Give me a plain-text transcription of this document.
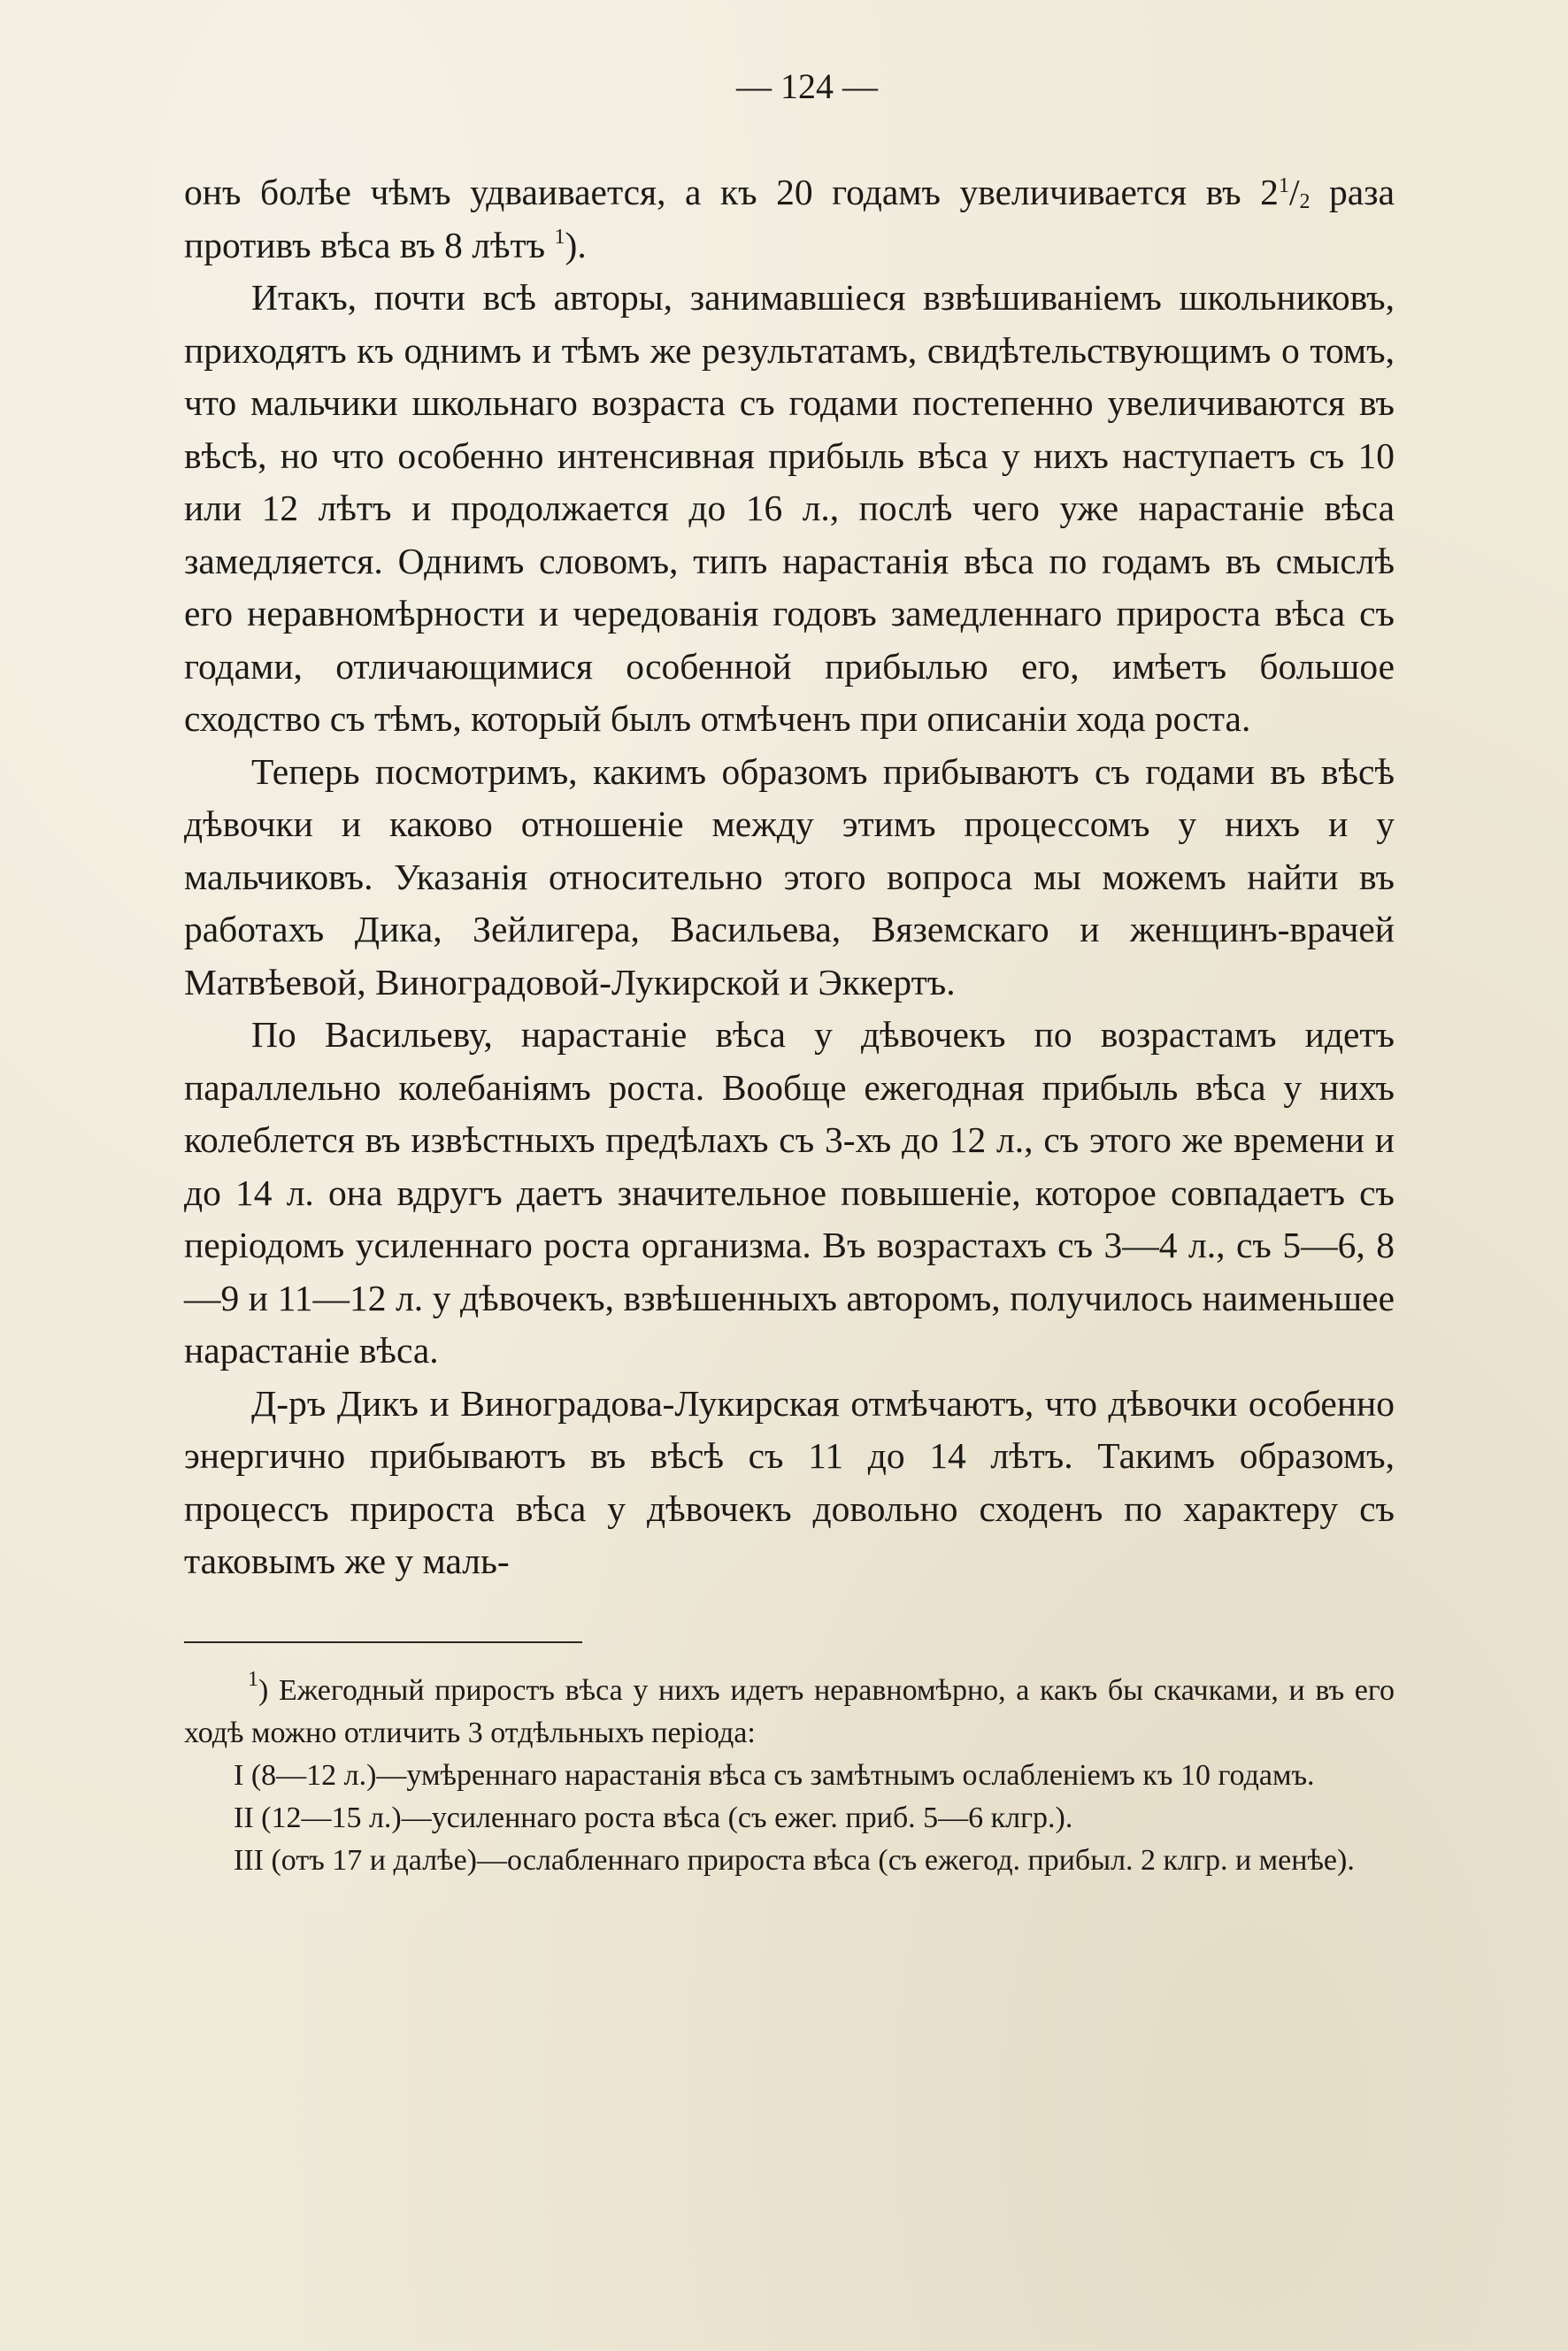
— 124 —

онъ болѣе чѣмъ удваивается, а къ 20 годамъ увеличивается въ $2^1/_2$ раза противъ вѣса въ 8 лѣтъ $^1$).

Итакъ, почти всѣ авторы, занимавшіеся взвѣшиваніемъ школьниковъ, приходятъ къ однимъ и тѣмъ же результатамъ, свидѣтельствующимъ о томъ, что мальчики школьнаго возраста съ годами постепенно увеличиваются въ вѣсѣ, но что особенно интенсивная прибыль вѣса у нихъ наступаетъ съ 10 или 12 лѣтъ и продолжается до 16 л., послѣ чего уже нарастаніе вѣса замедляется. Однимъ словомъ, типъ нарастанія вѣса по годамъ въ смыслѣ его неравномѣрности и чередованія годовъ замедленнаго прироста вѣса съ годами, отличающимися особенной прибылью его, имѣетъ большое сходство съ тѣмъ, который былъ отмѣченъ при описаніи хода роста.

Теперь посмотримъ, какимъ образомъ прибываютъ съ годами въ вѣсѣ дѣвочки и каково отношеніе между этимъ процессомъ у нихъ и у мальчиковъ. Указанія относительно этого вопроса мы можемъ найти въ работахъ Дика, Зейлигера, Васильева, Вяземскаго и женщинъ-врачей Матвѣевой, Виноградовой-Лукирской и Эккертъ.

По Васильеву, нарастаніе вѣса у дѣвочекъ по возрастамъ идетъ параллельно колебаніямъ роста. Вообще ежегодная прибыль вѣса у нихъ колеблется въ извѣстныхъ предѣлахъ съ 3-хъ до 12 л., съ этого же времени и до 14 л. она вдругъ даетъ значительное повышеніе, которое совпадаетъ съ періодомъ усиленнаго роста организма. Въ возрастахъ съ 3—4 л., съ 5—6, 8—9 и 11—12 л. у дѣвочекъ, взвѣшенныхъ авторомъ, получилось наименьшее нарастаніе вѣса.

Д-ръ Дикъ и Виноградова-Лукирская отмѣчаютъ, что дѣвочки особенно энергично прибываютъ въ вѣсѣ съ 11 до 14 лѣтъ. Такимъ образомъ, процессъ прироста вѣса у дѣвочекъ довольно сходенъ по характеру съ таковымъ же у маль-

$^1$) Ежегодный приростъ вѣса у нихъ идетъ неравномѣрно, а какъ бы скачками, и въ его ходѣ можно отличить 3 отдѣльныхъ періода:

I (8—12 л.)—умѣреннаго нарастанія вѣса съ замѣтнымъ ослабленіемъ къ 10 годамъ.

II (12—15 л.)—усиленнаго роста вѣса (съ ежег. приб. 5—6 клгр.).

III (отъ 17 и далѣе)—ослабленнаго прироста вѣса (съ ежегод. прибыл. 2 клгр. и менѣе).
